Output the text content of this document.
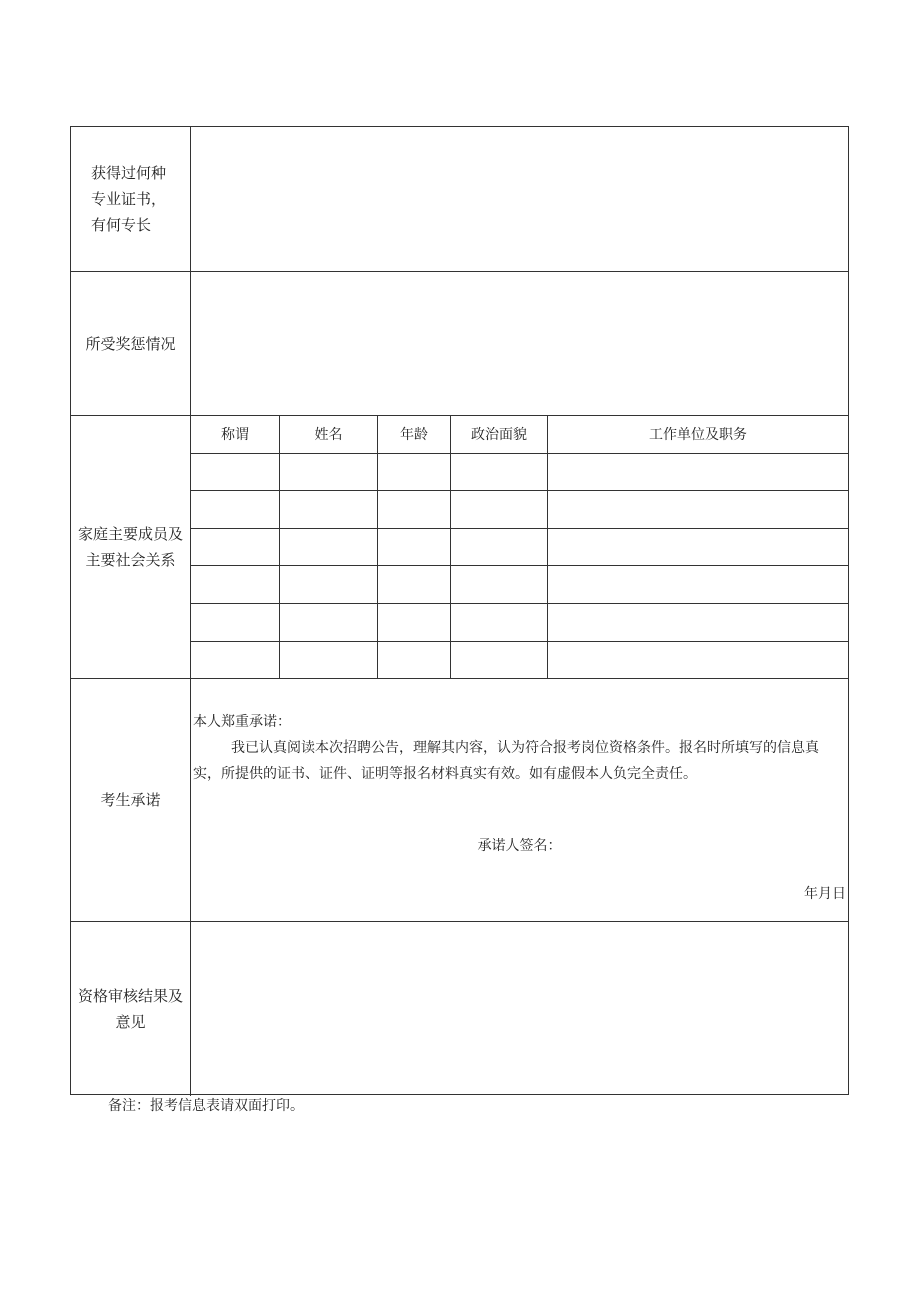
获得过何种专业证书，有何专长
所受奖惩情况
家庭主要成员及主要社会关系
称谓	姓名	年龄	政治面貌	工作单位及职务
考生承诺
本人郑重承诺：
我已认真阅读本次招聘公告，理解其内容，认为符合报考岗位资格条件。报名时所填写的信息真实，所提供的证书、证件、证明等报名材料真实有效。如有虚假本人负完全责任。
承诺人签名：
年月日
资格审核结果及意见
备注：报考信息表请双面打印。
